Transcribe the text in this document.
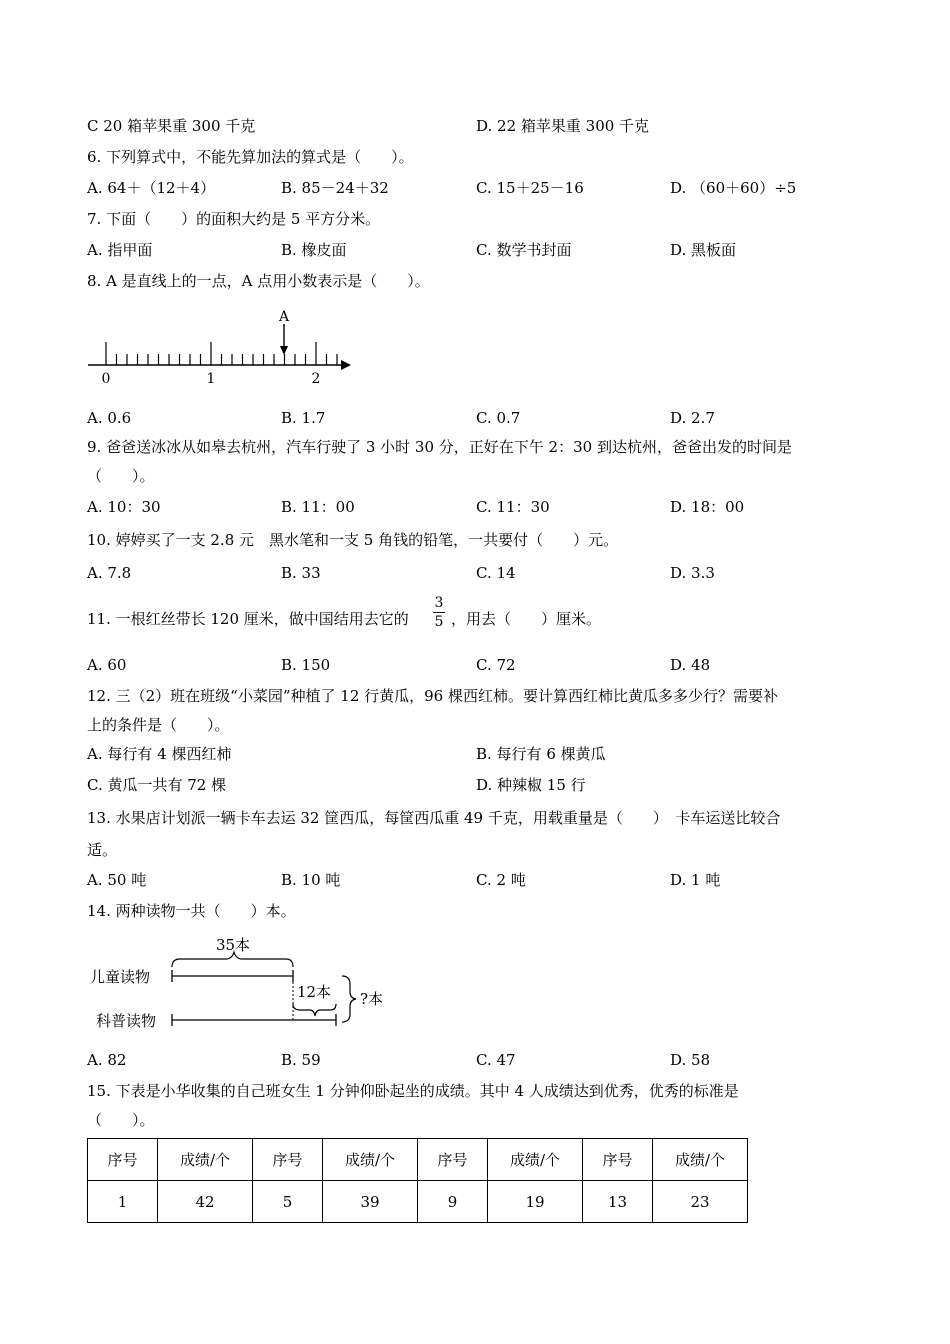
C 20 箱苹果重 300 千克	D. 22 箱苹果重 300 千克
6. 下列算式中，不能先算加法的算式是（　　）。
A. 64＋（12＋4）	B. 85－24＋32	C. 15＋25－16	D. （60＋60）÷5
7. 下面（　　）的面积大约是 5 平方分米。
A. 指甲面	B. 橡皮面	C. 数学书封面	D. 黑板面
8. A 是直线上的一点，A 点用小数表示是（　　）。
A
0	1	2
A. 0.6	B. 1.7	C. 0.7	D. 2.7
9. 爸爸送冰冰从如皋去杭州，汽车行驶了 3 小时 30 分，正好在下午 2：30 到达杭州，爸爸出发的时间是
（　　）。
A. 10：30	B. 11：00	C. 11：30	D. 18：00
10. 婷婷买了一支 2.8 元　黑水笔和一支 5 角钱的铅笔，一共要付（　　）元。
A. 7.8	B. 33	C. 14	D. 3.3
11. 一根红丝带长 120 厘米，做中国结用去它的
3
5 ，用去（　　）厘米。
A. 60	B. 150	C. 72	D. 48
12. 三（2）班在班级“小菜园”种植了 12 行黄瓜，96 棵西红柿。要计算西红柿比黄瓜多多少行？需要补
上的条件是（　　）。
A. 每行有 4 棵西红柿	B. 每行有 6 棵黄瓜
C. 黄瓜一共有 72 棵	D. 种辣椒 15 行
13. 水果店计划派一辆卡车去运 32 筐西瓜，每筐西瓜重 49 千克，用载重量是（　　）　卡车运送比较合
适。
A. 50 吨	B. 10 吨	C. 2 吨	D. 1 吨
14. 两种读物一共（　　）本。
儿童读物
科普读物
35本
12本 ?本
A. 82	B. 59	C. 47	D. 58
15. 下表是小华收集的自己班女生 1 分钟仰卧起坐的成绩。其中 4 人成绩达到优秀，优秀的标准是
（　　）。
序号	成绩/个	序号	成绩/个	序号	成绩/个	序号	成绩/个
1	42	5	39	9	19	13	23
